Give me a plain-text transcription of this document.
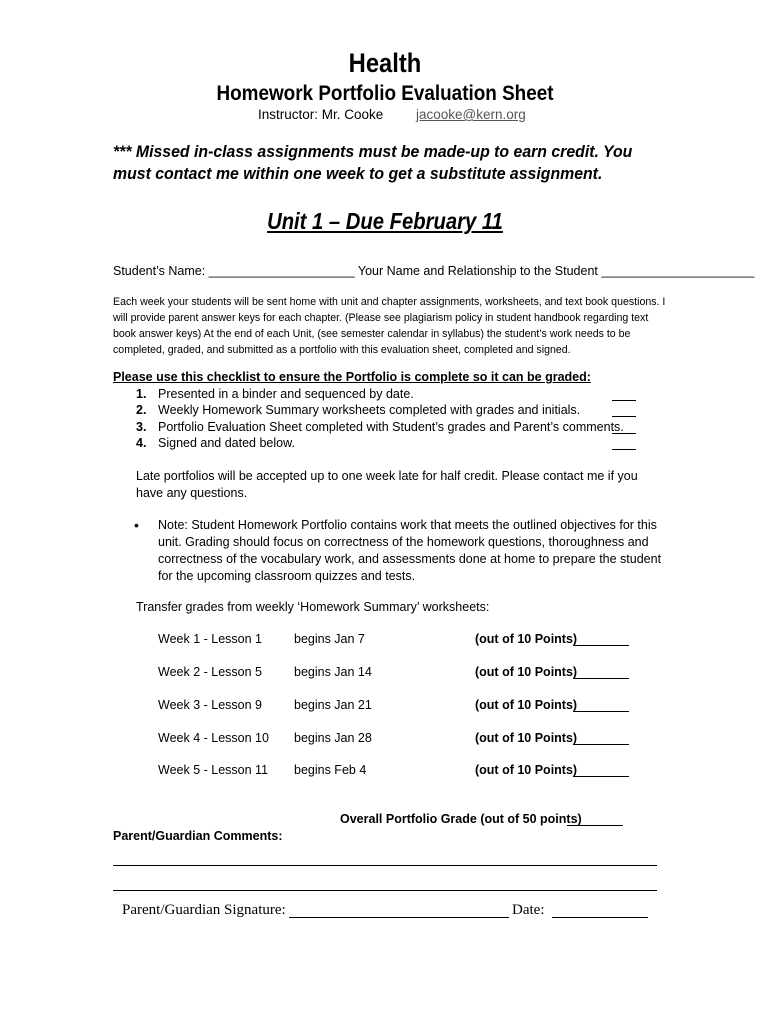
Health
Homework Portfolio Evaluation Sheet
Instructor: Mr. Cooke jacooke@kern.org
*** Missed in-class assignments must be made-up to earn credit. You must contact me within one week to get a substitute assignment.
Unit 1 – Due February 11
Student’s Name: _____________________ Your Name and Relationship to the Student ______________________
Each week your students will be sent home with unit and chapter assignments, worksheets, and text book questions. I will provide parent answer keys for each chapter. (Please see plagiarism policy in student handbook regarding text book answer keys) At the end of each Unit, (see semester calendar in syllabus) the student’s work needs to be completed, graded, and submitted as a portfolio with this evaluation sheet, completed and signed.
Please use this checklist to ensure the Portfolio is complete so it can be graded:
1. Presented in a binder and sequenced by date.
2. Weekly Homework Summary worksheets completed with grades and initials.
3. Portfolio Evaluation Sheet completed with Student’s grades and Parent’s comments.
4. Signed and dated below.
Late portfolios will be accepted up to one week late for half credit. Please contact me if you have any questions.
• Note: Student Homework Portfolio contains work that meets the outlined objectives for this unit. Grading should focus on correctness of the homework questions, thoroughness and correctness of the vocabulary work, and assessments done at home to prepare the student for the upcoming classroom quizzes and tests.
Transfer grades from weekly ‘Homework Summary’ worksheets:
Week 1 - Lesson 1	begins Jan 7	(out of 10 Points)
Week 2 - Lesson 5	begins Jan 14	(out of 10 Points)
Week 3 - Lesson 9	begins Jan 21	(out of 10 Points)
Week 4 - Lesson 10 begins Jan 28	(out of 10 Points)
Week 5 - Lesson 11 begins Feb 4	(out of 10 Points)
Overall Portfolio Grade (out of 50 points)
Parent/Guardian Comments:
Parent/Guardian Signature:	Date:
